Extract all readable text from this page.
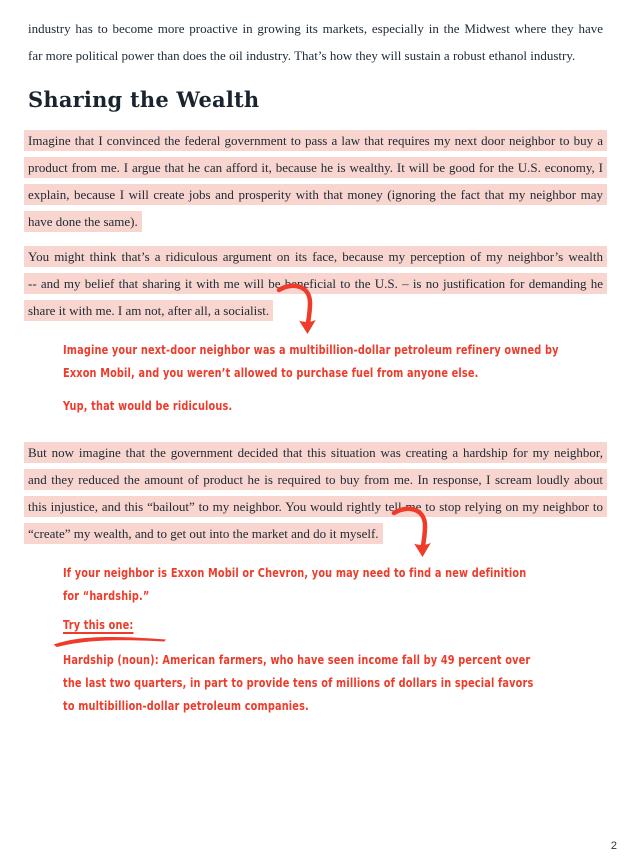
industry has to become more proactive in growing its markets, especially in the Midwest where they have
far more political power than does the oil industry. That’s how they will sustain a robust ethanol industry.
Sharing the Wealth
Imagine that I convinced the federal government to pass a law that requires my next door neighbor to buy a
product from me. I argue that he can afford it, because he is wealthy. It will be good for the U.S. economy, I
explain, because I will create jobs and prosperity with that money (ignoring the fact that my neighbor may
have done the same).
You might think that’s a ridiculous argument on its face, because my perception of my neighbor’s wealth
-- and my belief that sharing it with me will be beneficial to the U.S. – is no justification for demanding he
share it with me. I am not, after all, a socialist.
Imagine your next-door neighbor was a multibillion-dollar petroleum refinery owned by
Exxon Mobil, and you weren’t allowed to purchase fuel from anyone else.
Yup, that would be ridiculous.
But now imagine that the government decided that this situation was creating a hardship for my neighbor,
and they reduced the amount of product he is required to buy from me. In response, I scream loudly about
this injustice, and this “bailout” to my neighbor. You would rightly tell me to stop relying on my neighbor to
“create” my wealth, and to get out into the market and do it myself.
If your neighbor is Exxon Mobil or Chevron, you may need to find a new definition
for “hardship.”
Try this one:
Hardship (noun): American farmers, who have seen income fall by 49 percent over
the last two quarters, in part to provide tens of millions of dollars in special favors
to multibillion-dollar petroleum companies.
2
